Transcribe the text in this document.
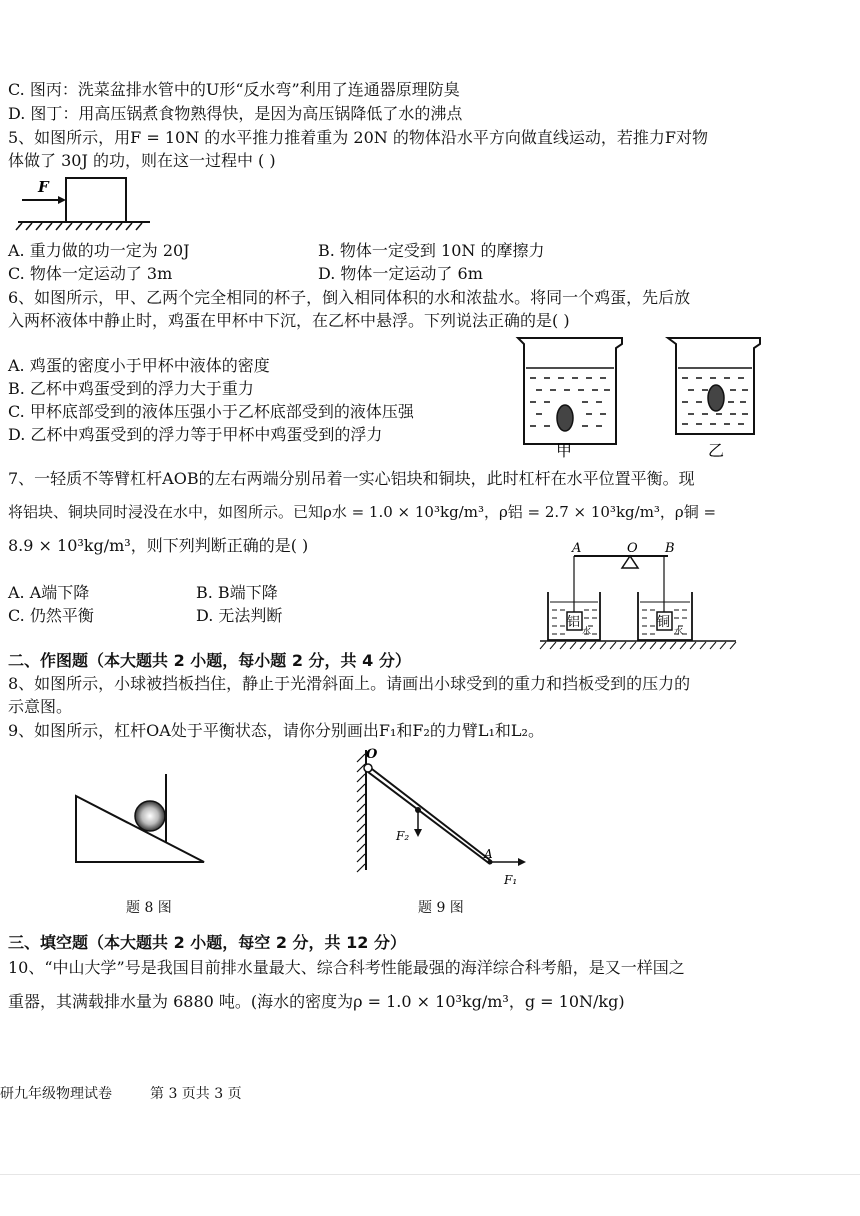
C. 图丙：洗菜盆排水管中的U形“反水弯”利用了连通器原理防臭
D. 图丁：用高压锅煮食物熟得快，是因为高压锅降低了水的沸点
5、如图所示，用F = 10N 的水平推力推着重为 20N 的物体沿水平方向做直线运动，若推力F对物
体做了 30J 的功，则在这一过程中 ( )
F
A. 重力做的功一定为 20J	B. 物体一定受到 10N 的摩擦力
C. 物体一定运动了 3m	D. 物体一定运动了 6m
6、如图所示，甲、乙两个完全相同的杯子，倒入相同体积的水和浓盐水。将同一个鸡蛋，先后放
入两杯液体中静止时，鸡蛋在甲杯中下沉，在乙杯中悬浮。下列说法正确的是( )
A. 鸡蛋的密度小于甲杯中液体的密度
B. 乙杯中鸡蛋受到的浮力大于重力
C. 甲杯底部受到的液体压强小于乙杯底部受到的液体压强
D. 乙杯中鸡蛋受到的浮力等于甲杯中鸡蛋受到的浮力
甲	乙
7、一轻质不等臂杠杆AOB的左右两端分别吊着一实心铝块和铜块，此时杠杆在水平位置平衡。现
将铝块、铜块同时浸没在水中，如图所示。已知ρ水 = 1.0 × 10³kg/m³，ρ铝 = 2.7 × 10³kg/m³，ρ铜 =
8.9 × 10³kg/m³，则下列判断正确的是( )
A. A端下降	B. B端下降
C. 仍然平衡	D. 无法判断
A	O B
铝
水
铜
水
二、作图题（本大题共 2 小题，每小题 2 分，共 4 分）
8、如图所示，小球被挡板挡住，静止于光滑斜面上。请画出小球受到的重力和挡板受到的压力的
示意图。
9、如图所示，杠杆OA处于平衡状态，请你分别画出F₁和F₂的力臂L₁和L₂。
题 8 图
O
F₂
A
F₁
题 9 图
三、填空题（本大题共 2 小题，每空 2 分，共 12 分）
10、“中山大学”号是我国目前排水量最大、综合科考性能最强的海洋综合科考船，是又一样国之
重器，其满载排水量为 6880 吨。(海水的密度为ρ = 1.0 × 10³kg/m³，g = 10N/kg)
研九年级物理试卷	第 3 页共 3 页
